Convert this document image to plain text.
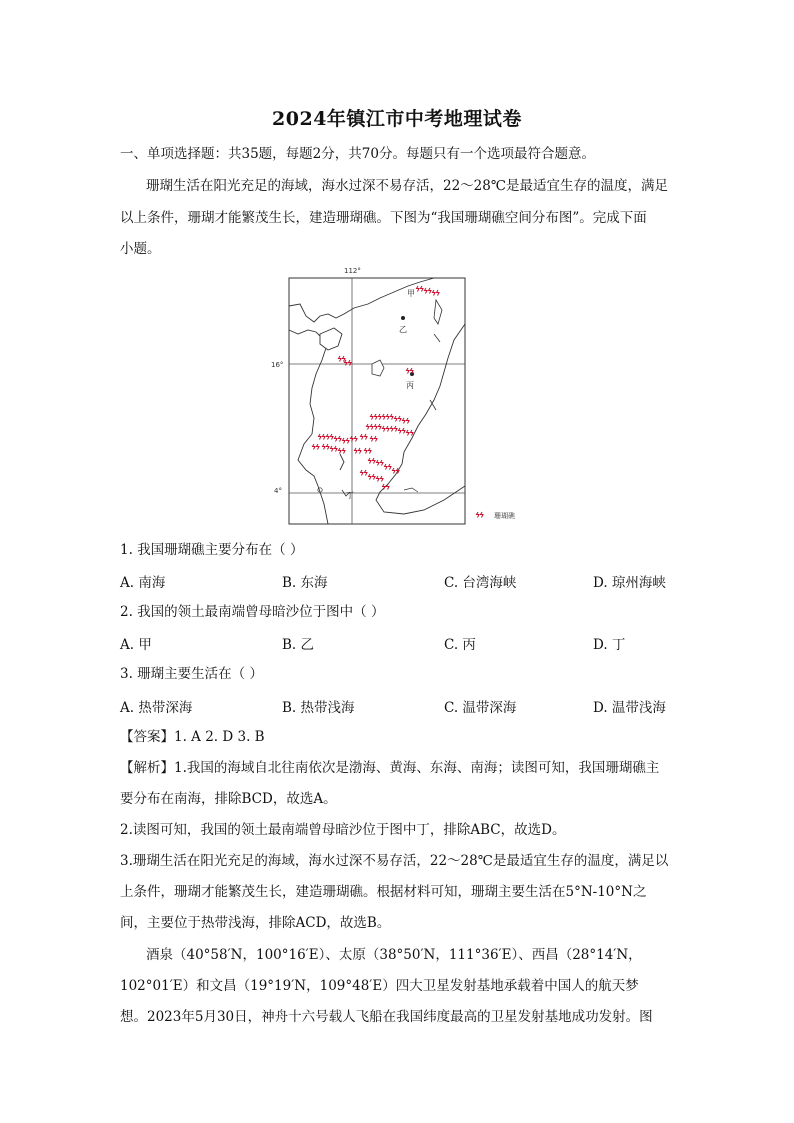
2024年镇江市中考地理试卷
一、单项选择题：共35题，每题2分，共70分。每题只有一个选项最符合题意。
珊瑚生活在阳光充足的海域，海水过深不易存活，22～28℃是最适宜生存的温度，满足
以上条件，珊瑚才能繁茂生长，建造珊瑚礁。下图为“我国珊瑚礁空间分布图”。完成下面
小题。
112°
16°
4°
甲
乙
丙
丁
珊瑚礁
1. 我国珊瑚礁主要分布在（ ）
A. 南海	B. 东海	C. 台湾海峡	D. 琼州海峡
2. 我国的领土最南端曾母暗沙位于图中（ ）
A. 甲	B. 乙	C. 丙	D. 丁
3. 珊瑚主要生活在（ ）
A. 热带深海	B. 热带浅海	C. 温带深海	D. 温带浅海
【答案】1. A 2. D 3. B
【解析】1.我国的海域自北往南依次是渤海、黄海、东海、南海；读图可知，我国珊瑚礁主
要分布在南海，排除BCD，故选A。
2.读图可知，我国的领土最南端曾母暗沙位于图中丁，排除ABC，故选D。
3.珊瑚生活在阳光充足的海域，海水过深不易存活，22～28℃是最适宜生存的温度，满足以
上条件，珊瑚才能繁茂生长，建造珊瑚礁。根据材料可知，珊瑚主要生活在5°N-10°N之
间，主要位于热带浅海，排除ACD，故选B。
酒泉（40°58′N，100°16′E）、太原（38°50′N，111°36′E）、西昌（28°14′N，
102°01′E）和文昌（19°19′N，109°48′E）四大卫星发射基地承载着中国人的航天梦
想。2023年5月30日，神舟十六号载人飞船在我国纬度最高的卫星发射基地成功发射。图
